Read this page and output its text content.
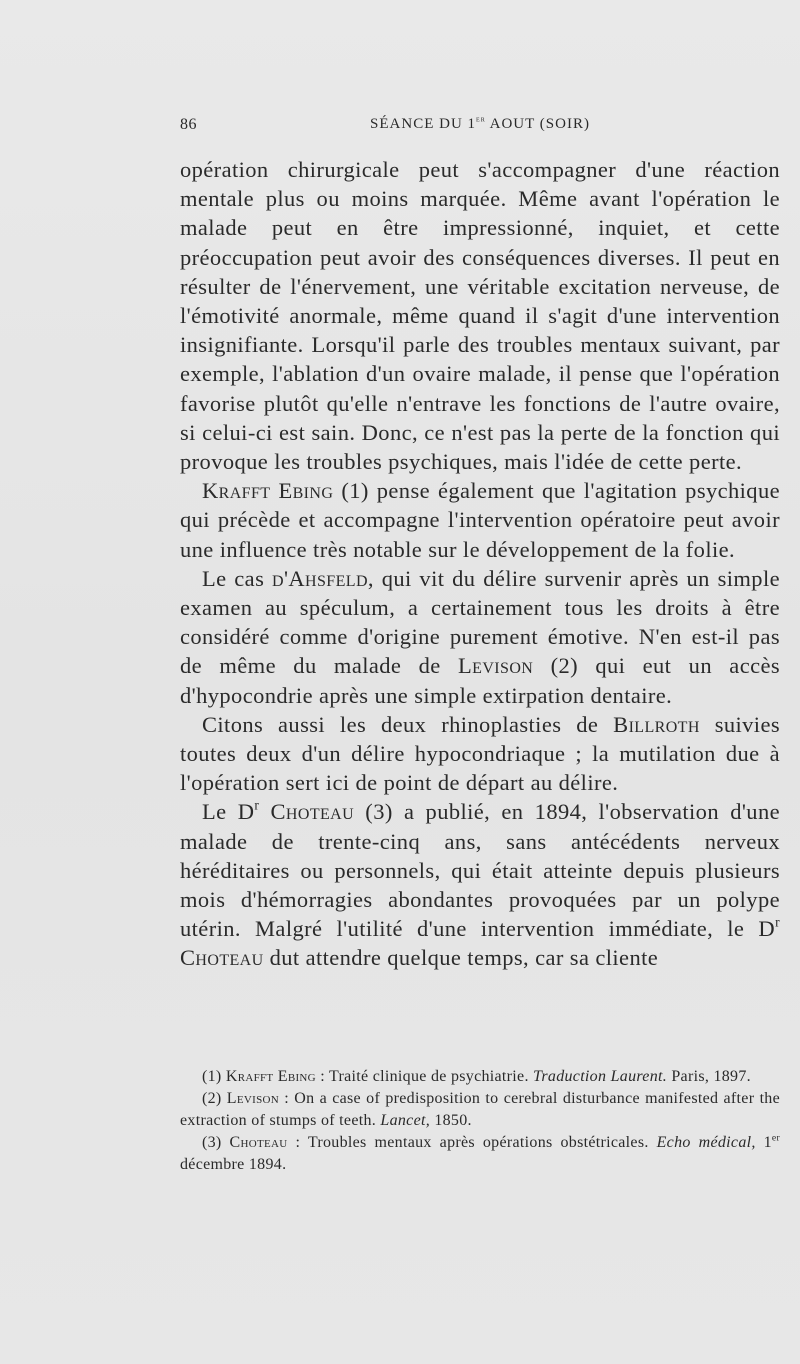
86	SÉANCE DU 1er AOUT (SOIR)

opération chirurgicale peut s'accompagner d'une réaction mentale plus ou moins marquée. Même avant l'opération le malade peut en être impressionné, inquiet, et cette préoccupation peut avoir des conséquences diverses. Il peut en résulter de l'énervement, une véritable excitation nerveuse, de l'émotivité anormale, même quand il s'agit d'une intervention insignifiante. Lorsqu'il parle des troubles mentaux suivant, par exemple, l'ablation d'un ovaire malade, il pense que l'opération favorise plutôt qu'elle n'entrave les fonctions de l'autre ovaire, si celui-ci est sain. Donc, ce n'est pas la perte de la fonction qui provoque les troubles psychiques, mais l'idée de cette perte.

Krafft Ebing (1) pense également que l'agitation psychique qui précède et accompagne l'intervention opératoire peut avoir une influence très notable sur le développement de la folie.

Le cas d'Ahsfeld, qui vit du délire survenir après un simple examen au spéculum, a certainement tous les droits à être considéré comme d'origine purement émotive. N'en est-il pas de même du malade de Levison (2) qui eut un accès d'hypocondrie après une simple extirpation dentaire.

Citons aussi les deux rhinoplasties de Billroth suivies toutes deux d'un délire hypocondriaque ; la mutilation due à l'opération sert ici de point de départ au délire.

Le $D^r$ Choteau (3) a publié, en 1894, l'observation d'une malade de trente-cinq ans, sans antécédents nerveux héréditaires ou personnels, qui était atteinte depuis plusieurs mois d'hémorragies abondantes provoquées par un polype utérin. Malgré l'utilité d'une intervention immédiate, le $D^r$ Choteau dut attendre quelque temps, car sa cliente

(1) Krafft Ebing : Traité clinique de psychiatrie. Traduction Laurent. Paris, 1897.

(2) Levison : On a case of predisposition to cerebral disturbance manifested after the extraction of stumps of teeth. Lancet, 1850.

(3) Choteau : Troubles mentaux après opérations obstétricales. Echo médical, 1er décembre 1894.
